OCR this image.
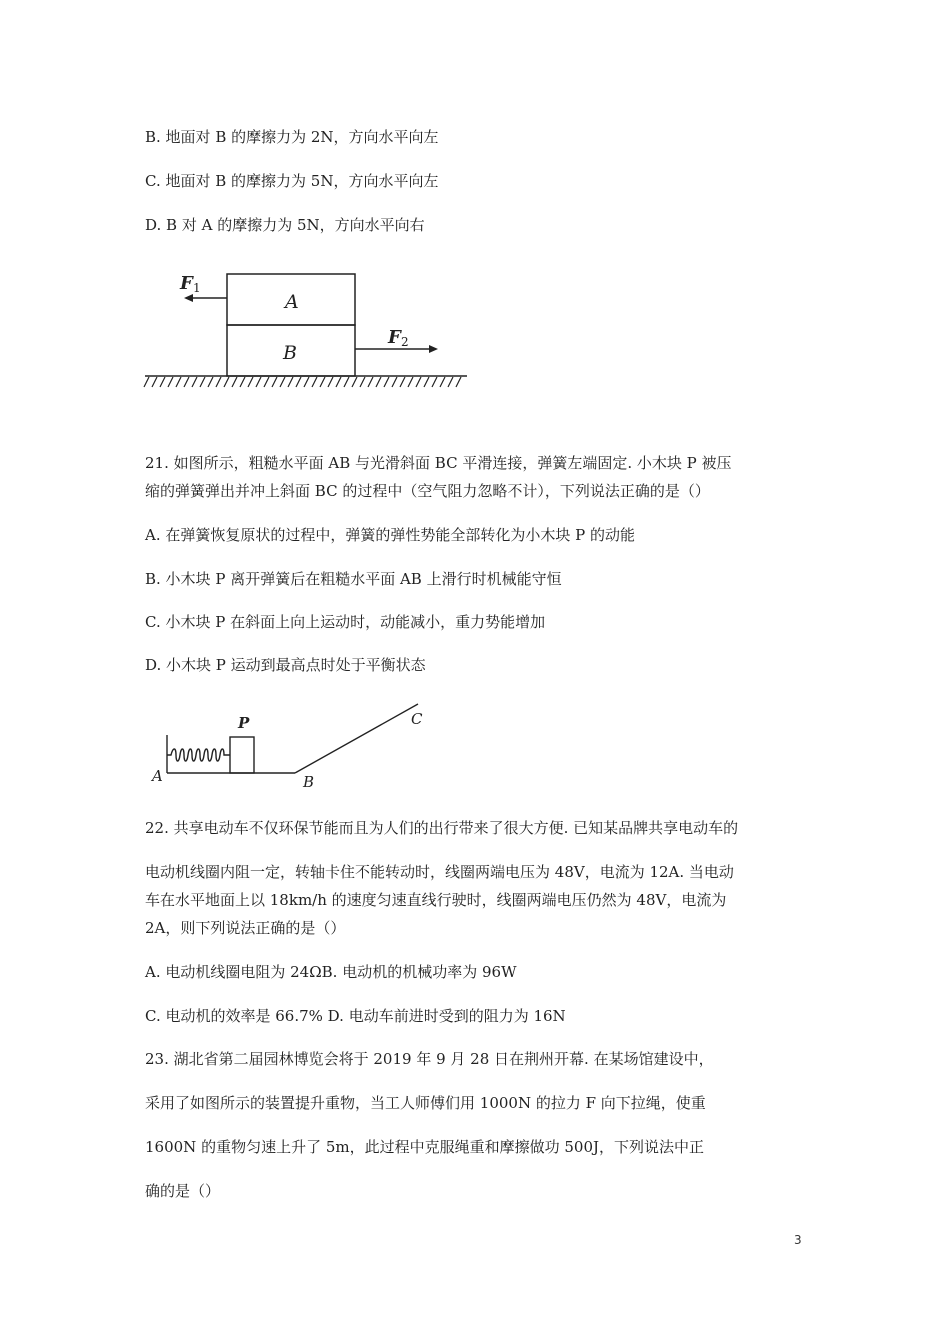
B. 地面对 B 的摩擦力为 2N，方向水平向左
C. 地面对 B 的摩擦力为 5N，方向水平向左
D. B 对 A 的摩擦力为 5N，方向水平向右
A
B
F 1
F 2
21. 如图所示，粗糙水平面 AB 与光滑斜面 BC 平滑连接，弹簧左端固定. 小木块 P 被压
缩的弹簧弹出并冲上斜面 BC 的过程中（空气阻力忽略不计），下列说法正确的是（）
A. 在弹簧恢复原状的过程中，弹簧的弹性势能全部转化为小木块 P 的动能
B. 小木块 P 离开弹簧后在粗糙水平面 AB 上滑行时机械能守恒
C. 小木块 P 在斜面上向上运动时，动能减小，重力势能增加
D. 小木块 P 运动到最高点时处于平衡状态
A	B
C
P
22. 共享电动车不仅环保节能而且为人们的出行带来了很大方便. 已知某品牌共享电动车的
电动机线圈内阻一定，转轴卡住不能转动时，线圈两端电压为 48V，电流为 12A. 当电动
车在水平地面上以 18km/h 的速度匀速直线行驶时，线圈两端电压仍然为 48V，电流为
2A，则下列说法正确的是（）
A. 电动机线圈电阻为 24ΩB. 电动机的机械功率为 96W
C. 电动机的效率是 66.7% D. 电动车前进时受到的阻力为 16N
23. 湖北省第二届园林博览会将于 2019 年 9 月 28 日在荆州开幕. 在某场馆建设中，
采用了如图所示的装置提升重物，当工人师傅们用 1000N 的拉力 F 向下拉绳，使重
1600N 的重物匀速上升了 5m，此过程中克服绳重和摩擦做功 500J，下列说法中正
确的是（）
3
